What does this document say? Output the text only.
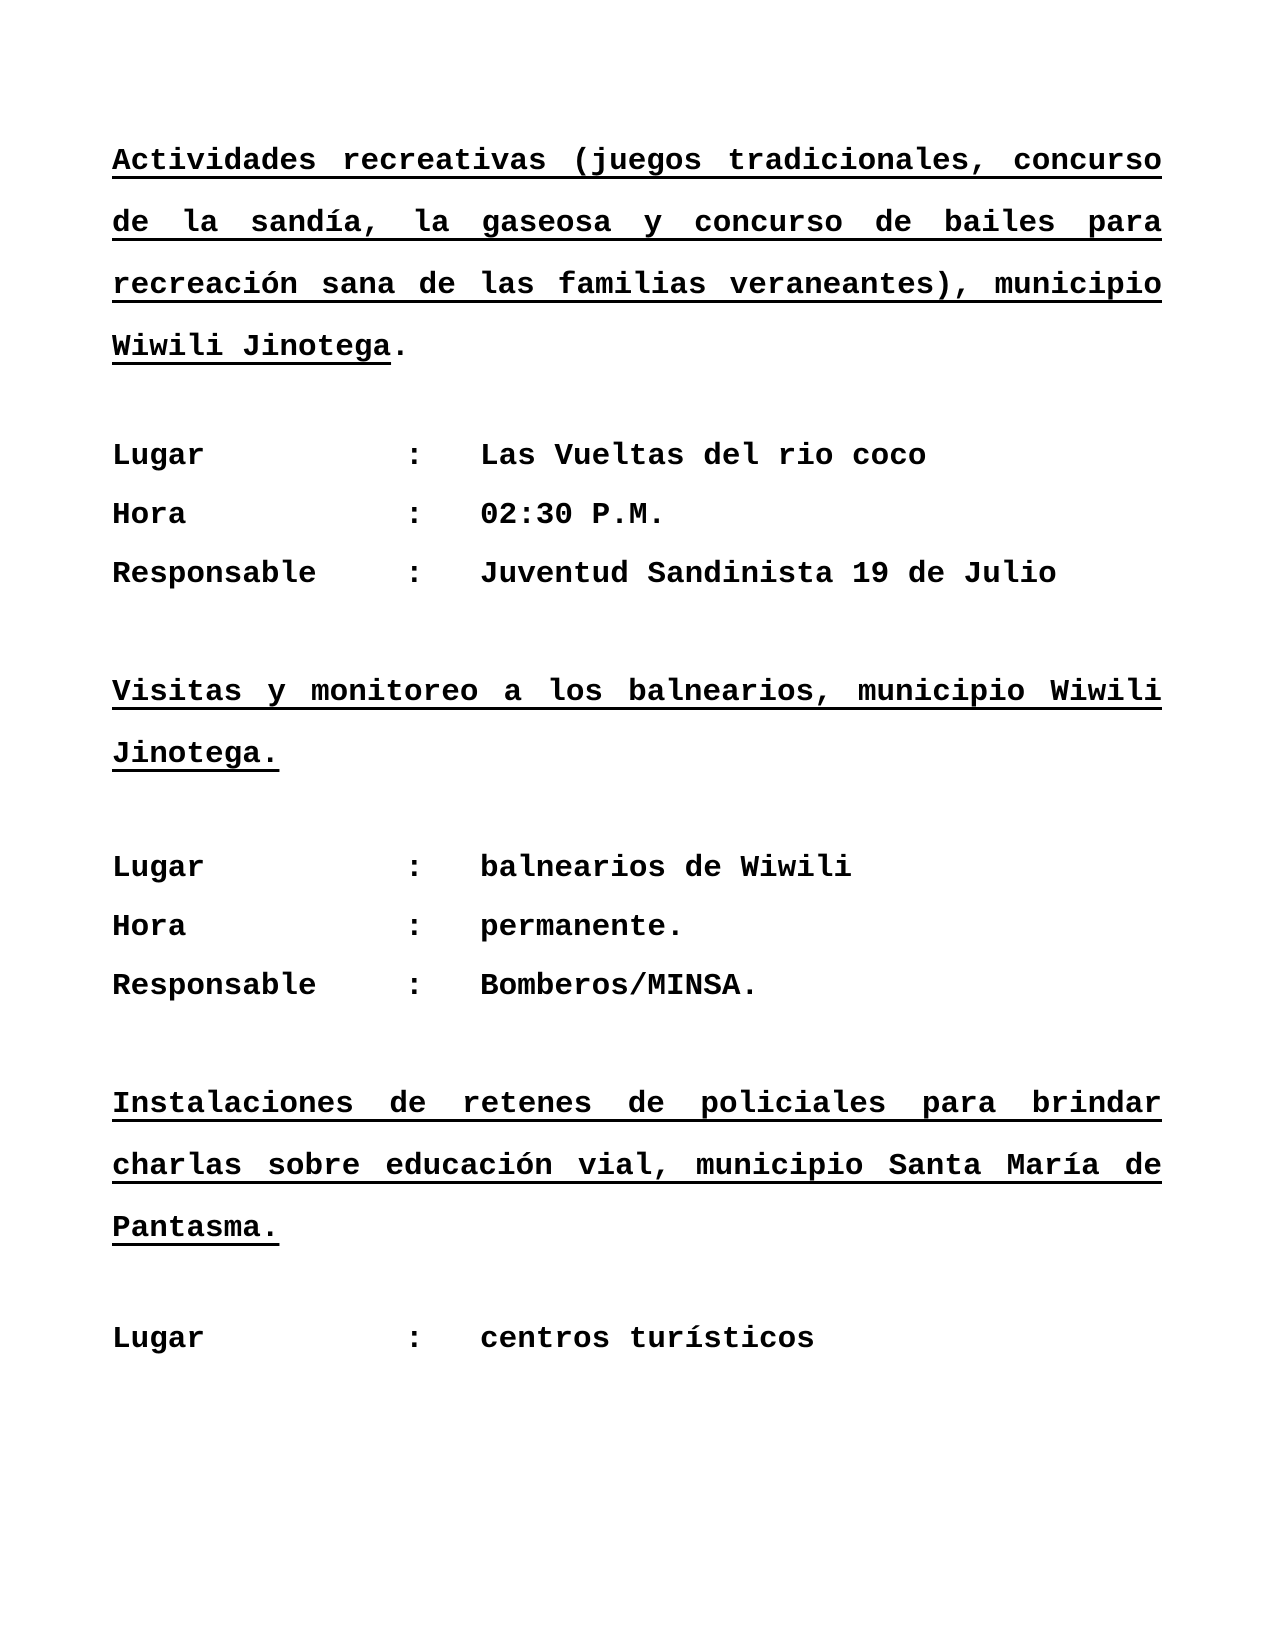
Actividades recreativas (juegos tradicionales, concurso de la sandía, la gaseosa y concurso de bailes para recreación sana de las familias veraneantes), municipio Wiwili Jinotega.
Lugar	: Las Vueltas del rio coco
Hora	: 02:30 P.M.
Responsable	: Juventud Sandinista 19 de Julio
Visitas y monitoreo a los balnearios, municipio Wiwili Jinotega.
Lugar	: balnearios de Wiwili
Hora	: permanente.
Responsable	: Bomberos/MINSA.
Instalaciones de retenes de policiales para brindar charlas sobre educación vial, municipio Santa María de Pantasma.
Lugar	: centros turísticos
